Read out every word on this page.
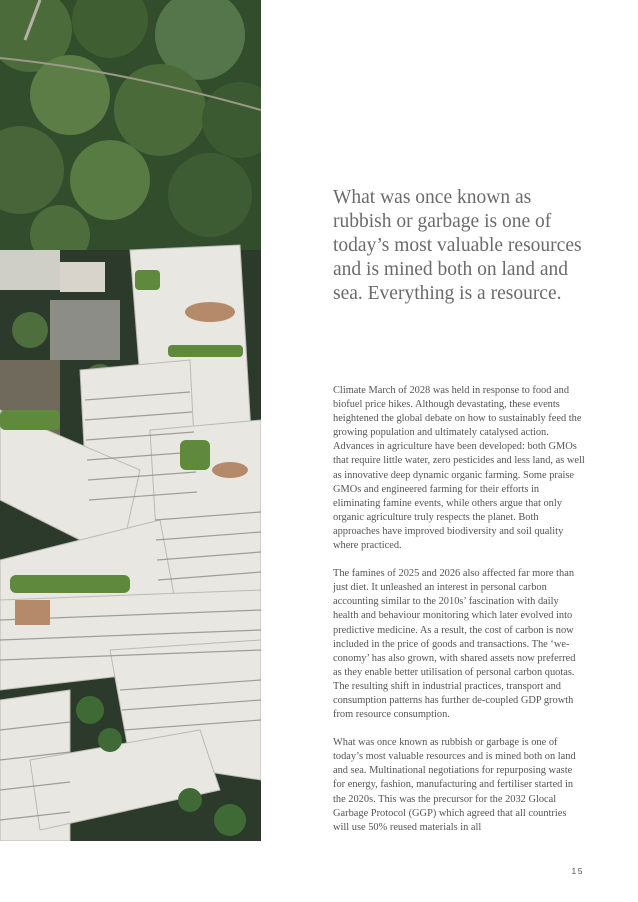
What was once known as rubbish or garbage is one of today’s most valuable resources and is mined both on land and sea. Everything is a resource.

Climate March of 2028 was held in response to food and biofuel price hikes. Although devastating, these events heightened the global debate on how to sustainably feed the growing population and ultimately catalysed action. Advances in agriculture have been developed: both GMOs that require little water, zero pesticides and less land, as well as innovative deep dynamic organic farming. Some praise GMOs and engineered farming for their efforts in eliminating famine events, while others argue that only organic agriculture truly respects the planet. Both approaches have improved biodiversity and soil quality where practiced.

The famines of 2025 and 2026 also affected far more than just diet. It unleashed an interest in personal carbon accounting similar to the 2010s’ fascination with daily health and behaviour monitoring which later evolved into predictive medicine. As a result, the cost of carbon is now included in the price of goods and transactions. The ‘we-conomy’ has also grown, with shared assets now preferred as they enable better utilisation of personal carbon quotas. The resulting shift in industrial practices, transport and consumption patterns has further de-coupled GDP growth from resource consumption.

What was once known as rubbish or garbage is one of today’s most valuable resources and is mined both on land and sea. Multinational negotiations for repurposing waste for energy, fashion, manufacturing and fertiliser started in the 2020s. This was the precursor for the 2032 Glocal Garbage Protocol (GGP) which agreed that all countries will use 50% reused materials in all

15
